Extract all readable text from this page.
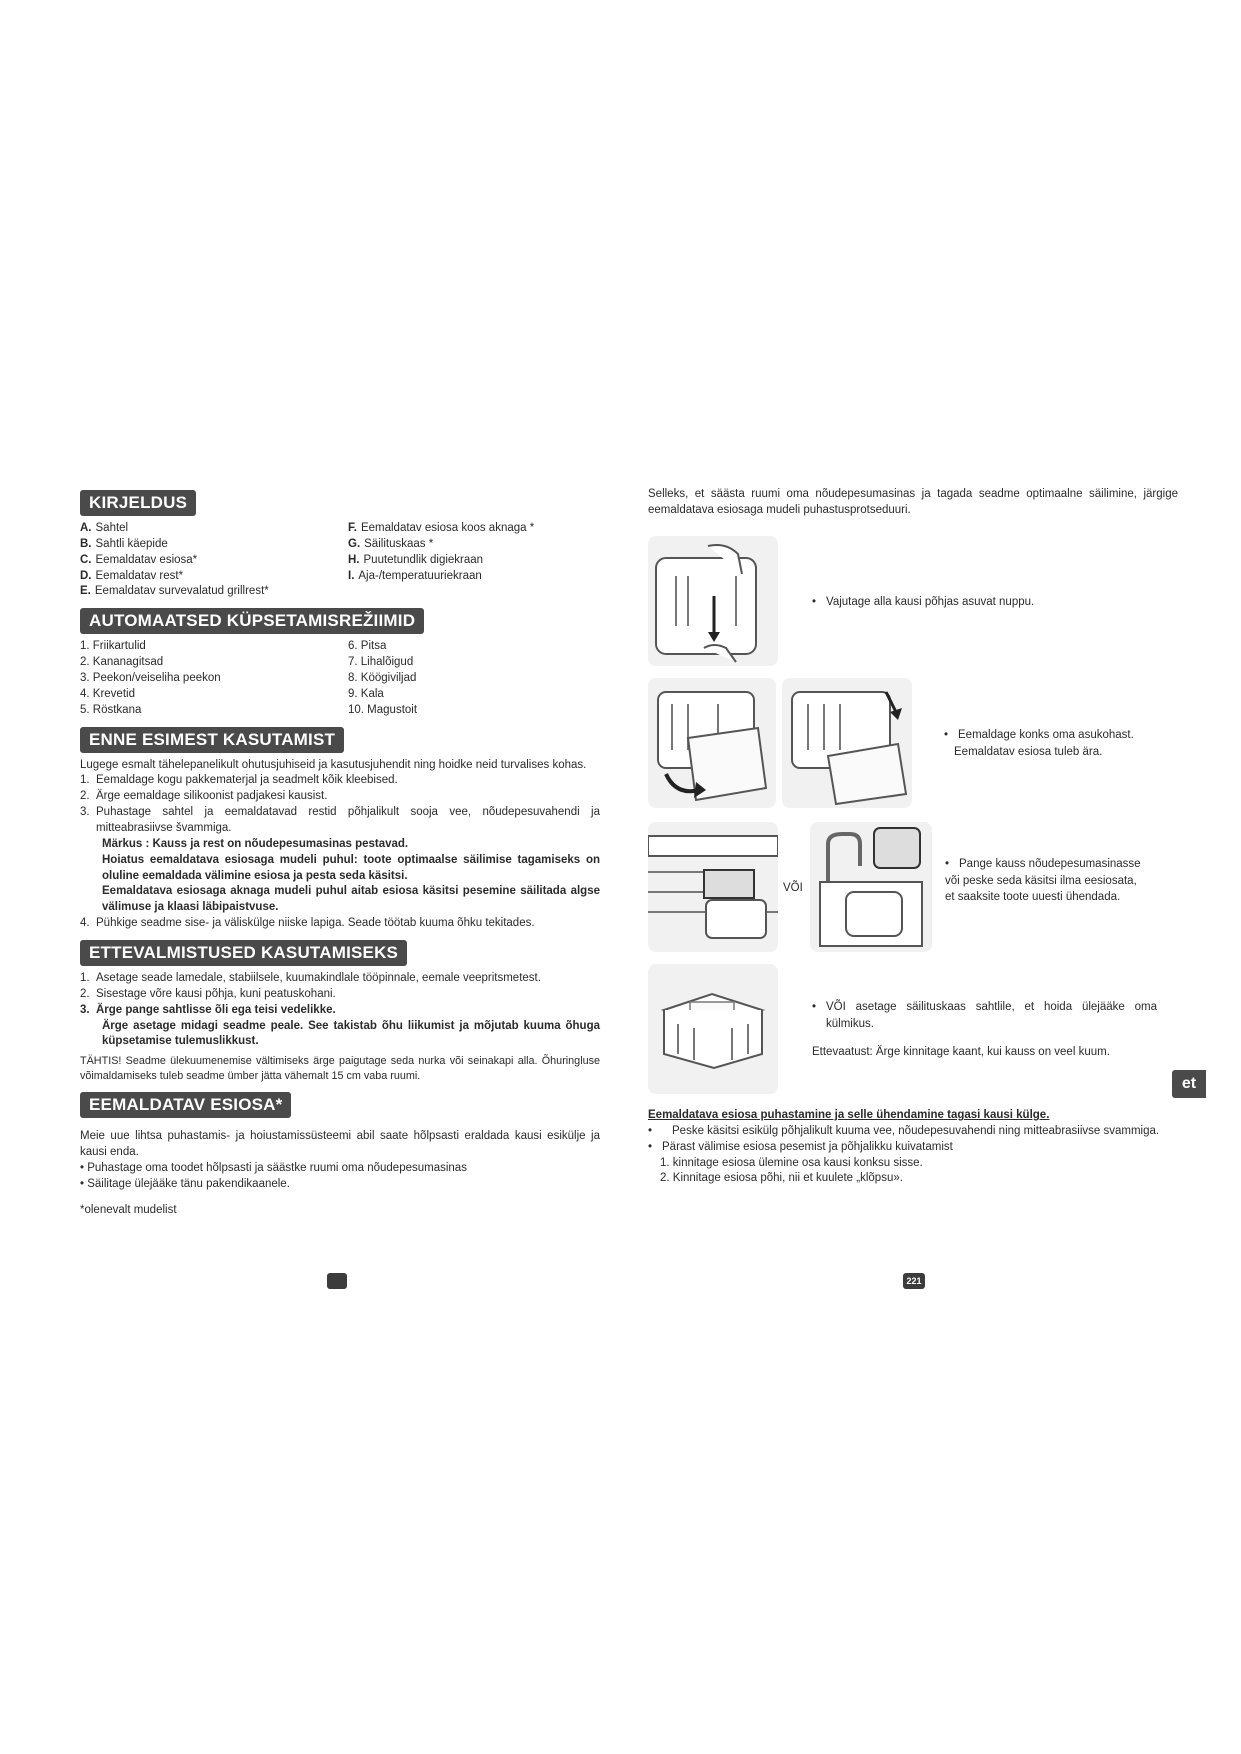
KIRJELDUS
A. Sahtel
B. Sahtli käepide
C. Eemaldatav esiosa*
D. Eemaldatav rest*
E. Eemaldatav survevalatud grillrest*
F. Eemaldatav esiosa koos aknaga *
G. Säilituskaas *
H. Puutetundlik digiekraan
I. Aja-/temperatuuriekraan
AUTOMAATSED KÜPSETAMISREŽIIMID
1. Friikartulid
2. Kananagitsad
3. Peekon/veiseliha peekon
4. Krevetid
5. Röstkana
6. Pitsa
7. Lihalõigud
8. Köögiviljad
9. Kala
10. Magustoit
ENNE ESIMEST KASUTAMIST

Lugege esmalt tähelepanelikult ohutusjuhiseid ja kasutusjuhendit ning hoidke neid turvalises kohas.

1. Eemaldage kogu pakkematerjal ja seadmelt kõik kleebised.
2. Ärge eemaldage silikoonist padjakesi kausist.
3. Puhastage sahtel ja eemaldatavad restid põhjalikult sooja vee, nõudepesuvahendi ja mitteabrasiivse švammiga.
Märkus : Kauss ja rest on nõudepesumasinas pestavad.
Hoiatus eemaldatava esiosaga mudeli puhul: toote optimaalse säilimise tagamiseks on oluline eemaldada välimine esiosa ja pesta seda käsitsi.
Eemaldatava esiosaga aknaga mudeli puhul aitab esiosa käsitsi pesemine säilitada algse välimuse ja klaasi läbipaistvuse.
4. Pühkige seadme sise- ja väliskülge niiske lapiga. Seade töötab kuuma õhku tekitades.
ETTEVALMISTUSED KASUTAMISEKS
1. Asetage seade lamedale, stabiilsele, kuumakindlale tööpinnale, eemale veepritsmetest.
2. Sisestage võre kausi põhja, kuni peatuskohani.
3. Ärge pange sahtlisse õli ega teisi vedelikke.
Ärge asetage midagi seadme peale. See takistab õhu liikumist ja mõjutab kuuma õhuga küpsetamise tulemuslikkust.

TÄHTIS! Seadme ülekuumenemise vältimiseks ärge paigutage seda nurka või seinakapi alla. Õhuringluse võimaldamiseks tuleb seadme ümber jätta vähemalt 15 cm vaba ruumi.

EEMALDATAV ESIOSA*

Meie uue lihtsa puhastamis- ja hoiustamissüsteemi abil saate hõlpsasti eraldada kausi esikülje ja kausi enda.

• Puhastage oma toodet hõlpsasti ja säästke ruumi oma nõudepesumasinas
• Säilitage ülejääke tänu pakendikaanele.
*olenevalt mudelist

Selleks, et säästa ruumi oma nõudepesumasinas ja tagada seadme optimaalne säilimine, järgige eemaldatava esiosaga mudeli puhastusprotseduuri.

• Vajutage alla kausi põhjas asuvat nuppu.
• Eemaldage konks oma asukohast.
Eemaldatav esiosa tuleb ära.
VÕI
• Pange kauss nõudepesumasinasse
või peske seda käsitsi ilma eesiosata,
et saaksite toote uuesti ühendada.
• VÕI asetage säilituskaas sahtlile, et hoida ülejääke oma külmikus.
Ettevaatust: Ärge kinnitage kaant, kui kauss on veel kuum.
Eemaldatava esiosa puhastamine ja selle ühendamine tagasi kausi külge.
•	Peske käsitsi esikülg põhjalikult kuuma vee, nõudepesuvahendi ning mitteabrasiivse svammiga.
• Pärast välimise esiosa pesemist ja põhjalikku kuivatamist
1. kinnitage esiosa ülemine osa kausi konksu sisse.
2. Kinnitage esiosa põhi, nii et kuulete „klõpsu».
221
et
